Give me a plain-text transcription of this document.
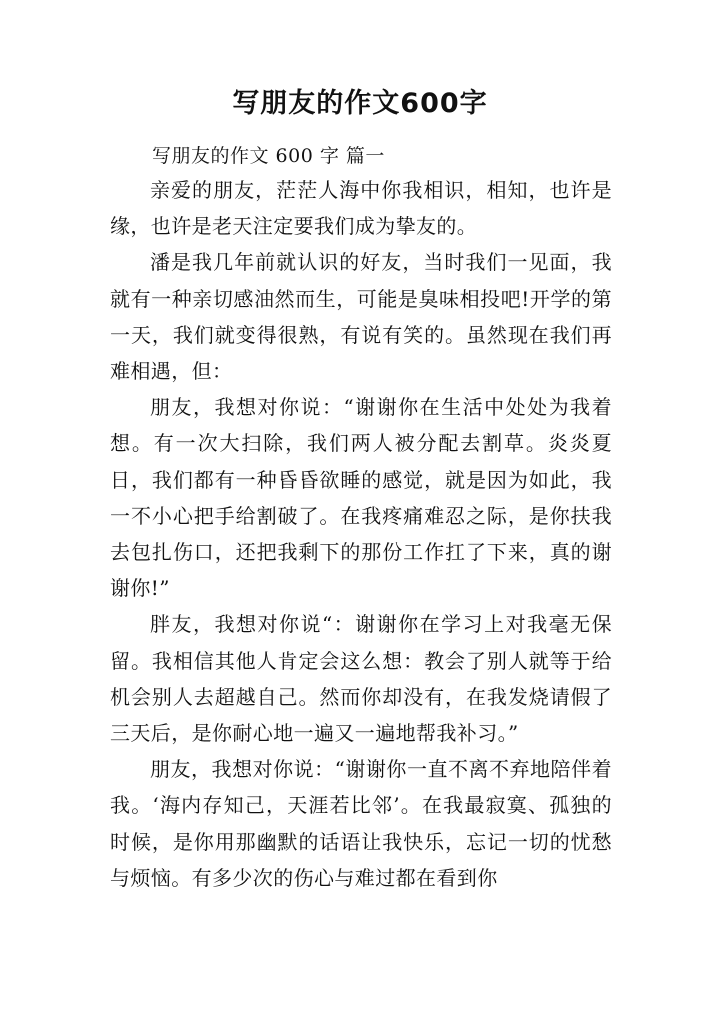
写朋友的作文600字
写朋友的作文 600 字 篇一

亲爱的朋友，茫茫人海中你我相识，相知，也许是缘，也许是老天注定要我们成为挚友的。

潘是我几年前就认识的好友，当时我们一见面，我就有一种亲切感油然而生，可能是臭味相投吧!开学的第一天，我们就变得很熟，有说有笑的。虽然现在我们再难相遇，但：

朋友，我想对你说：“谢谢你在生活中处处为我着想。有一次大扫除，我们两人被分配去割草。炎炎夏日，我们都有一种昏昏欲睡的感觉，就是因为如此，我一不小心把手给割破了。在我疼痛难忍之际，是你扶我去包扎伤口，还把我剩下的那份工作扛了下来，真的谢谢你!”

胖友，我想对你说“：谢谢你在学习上对我毫无保留。我相信其他人肯定会这么想：教会了别人就等于给机会别人去超越自己。然而你却没有，在我发烧请假了三天后，是你耐心地一遍又一遍地帮我补习。”

朋友，我想对你说：“谢谢你一直不离不弃地陪伴着我。‘海内存知己，天涯若比邻’。在我最寂寞、孤独的时候，是你用那幽默的话语让我快乐，忘记一切的忧愁与烦恼。有多少次的伤心与难过都在看到你
